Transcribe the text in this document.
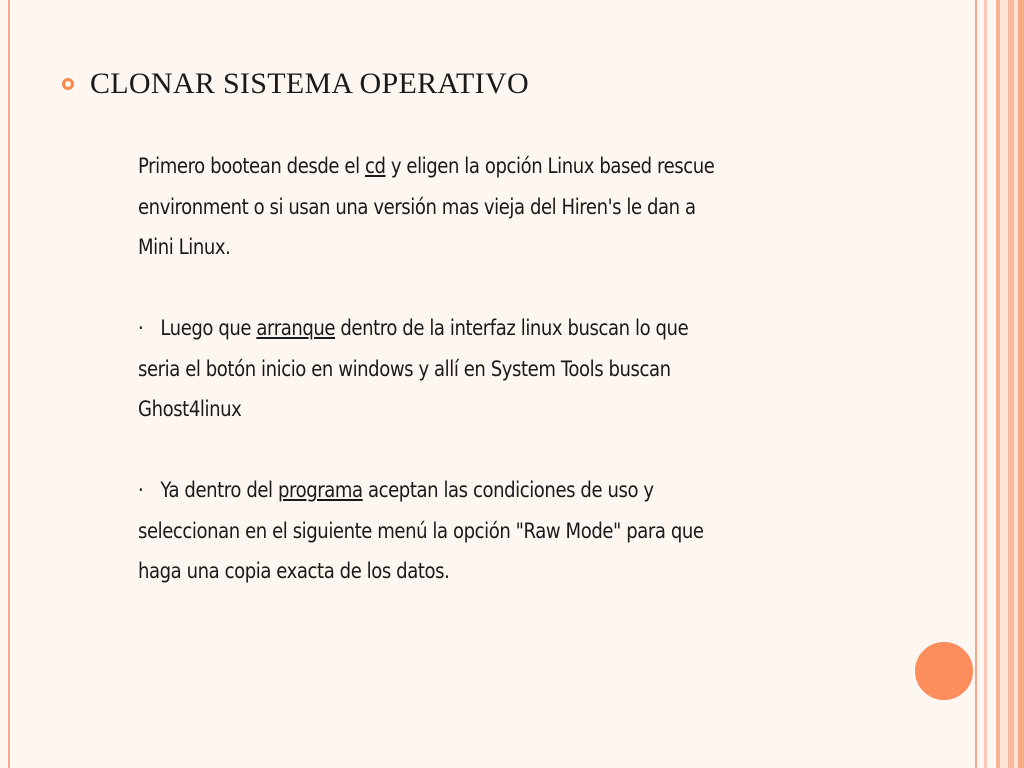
CLONAR SISTEMA OPERATIVO

Primero bootean desde el cd y eligen la opción Linux based rescue

environment o si usan una versión mas vieja del Hiren's le dan a

Mini Linux.

· Luego que arranque dentro de la interfaz linux buscan lo que

seria el botón inicio en windows y allí en System Tools buscan

Ghost4linux

· Ya dentro del programa aceptan las condiciones de uso y

seleccionan en el siguiente menú la opción "Raw Mode" para que

haga una copia exacta de los datos.
